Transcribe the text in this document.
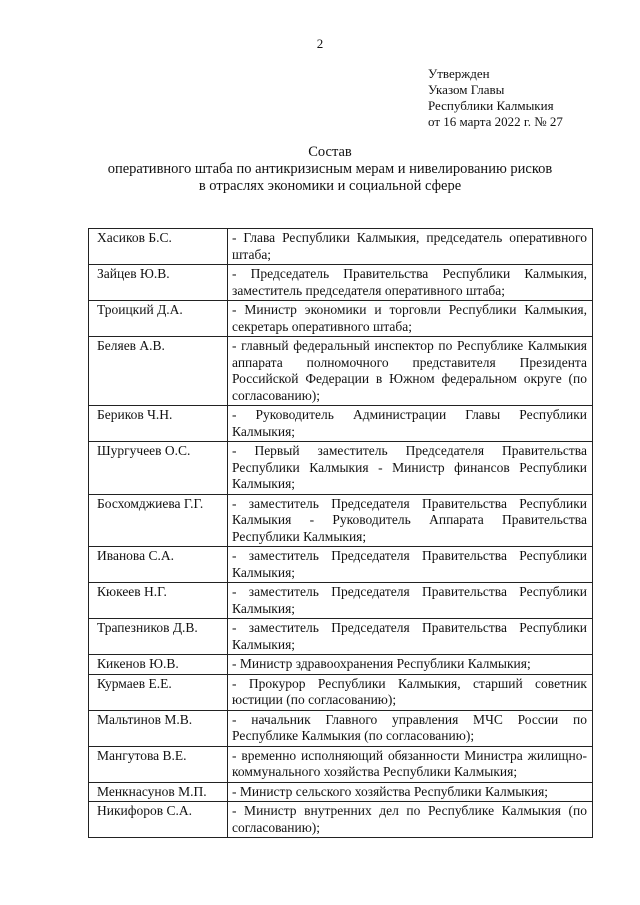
2
Утвержден
Указом Главы
Республики Калмыкия
от 16 марта 2022 г. № 27
Состав
оперативного штаба по антикризисным мерам и нивелированию рисков
в отраслях экономики и социальной сфере
Хасиков Б.С.	- Глава Республики Калмыкия, председатель оперативного штаба;
Зайцев Ю.В.	- Председатель Правительства Республики Калмыкия, заместитель председателя оперативного штаба;
Троицкий Д.А.	- Министр экономики и торговли Республики Калмыкия, секретарь оперативного штаба;
Беляев А.В.	- главный федеральный инспектор по Республике Калмыкия аппарата полномочного представителя Президента Российской Федерации в Южном федеральном округе (по согласованию);
Бериков Ч.Н.	- Руководитель Администрации Главы Республики Калмыкия;
Шургучеев О.С.	- Первый заместитель Председателя Правительства Республики Калмыкия - Министр финансов Республики Калмыкия;
Босхомджиева Г.Г.	- заместитель Председателя Правительства Республики Калмыкия - Руководитель Аппарата Правительства Республики Калмыкия;
Иванова С.А.	- заместитель Председателя Правительства Республики Калмыкия;
Кюкеев Н.Г.	- заместитель Председателя Правительства Республики Калмыкия;
Трапезников Д.В.	- заместитель Председателя Правительства Республики Калмыкия;
Кикенов Ю.В.	- Министр здравоохранения Республики Калмыкия;
Курмаев Е.Е.	- Прокурор Республики Калмыкия, старший советник юстиции (по согласованию);
Мальтинов М.В.	- начальник Главного управления МЧС России по Республике Калмыкия (по согласованию);
Мангутова В.Е.	- временно исполняющий обязанности Министра жилищно-коммунального хозяйства Республики Калмыкия;
Менкнасунов М.П.	- Министр сельского хозяйства Республики Калмыкия;
Никифоров С.А.	- Министр внутренних дел по Республике Калмыкия (по согласованию);
